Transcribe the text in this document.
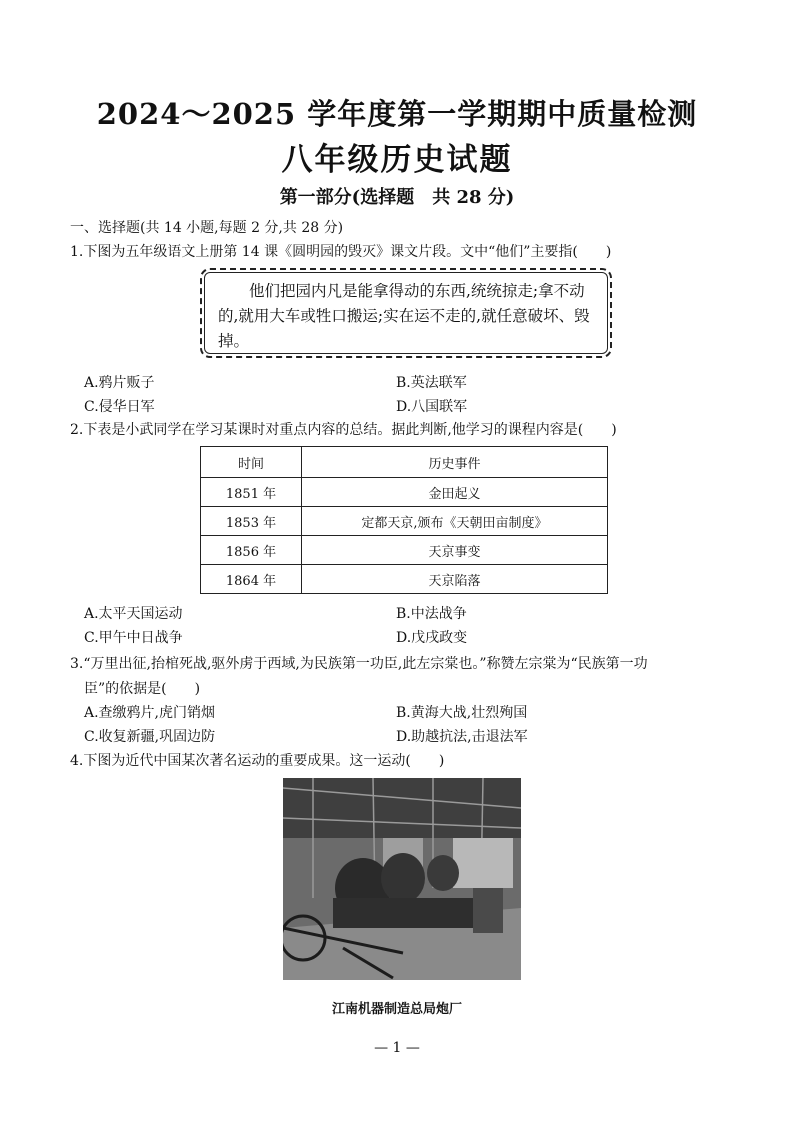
2024～2025 学年度第一学期期中质量检测
八年级历史试题
第一部分(选择题　共 28 分)
一、选择题(共 14 小题,每题 2 分,共 28 分)
1.下图为五年级语文上册第 14 课《圆明园的毁灭》课文片段。文中“他们”主要指(　　)
　　他们把园内凡是能拿得动的东西,统统掠走;拿不动的,就用大车或牲口搬运;实在运不走的,就任意破坏、毁掉。
A.鸦片贩子	B.英法联军
C.侵华日军	D.八国联军
2.下表是小武同学在学习某课时对重点内容的总结。据此判断,他学习的课程内容是(　　)
时间	历史事件
1851 年	金田起义
1853 年	定都天京,颁布《天朝田亩制度》
1856 年	天京事变
1864 年	天京陷落
A.太平天国运动	B.中法战争
C.甲午中日战争	D.戊戌政变
3.“万里出征,抬棺死战,驱外虏于西域,为民族第一功臣,此左宗棠也。”称赞左宗棠为“民族第一功
臣”的依据是(　　)
A.查缴鸦片,虎门销烟	B.黄海大战,壮烈殉国
C.收复新疆,巩固边防	D.助越抗法,击退法军
4.下图为近代中国某次著名运动的重要成果。这一运动(　　)
江南机器制造总局炮厂
— 1 —
